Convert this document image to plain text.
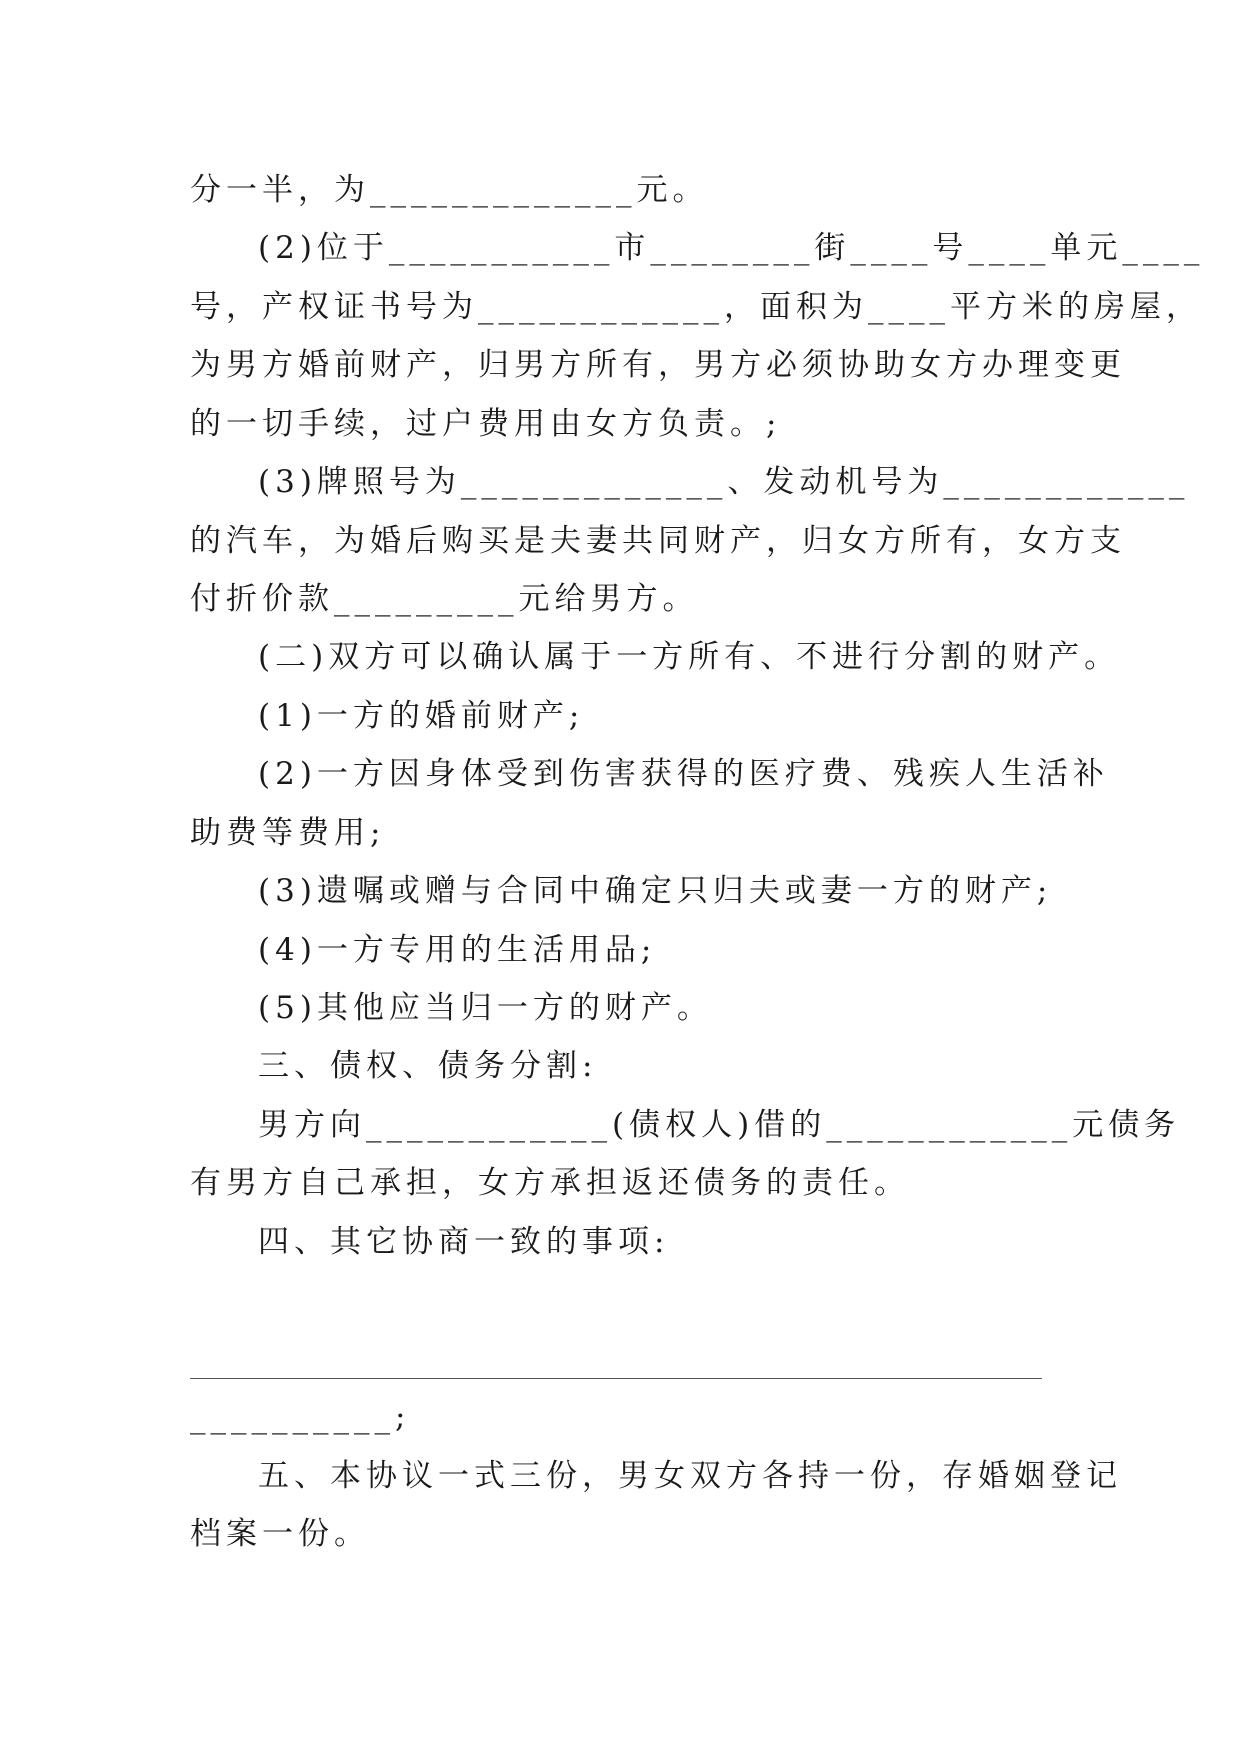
分一半，为_____________元。
(2)位于___________市________街____号____单元____
号，产权证书号为____________，面积为____平方米的房屋，
为男方婚前财产，归男方所有，男方必须协助女方办理变更
的一切手续，过户费用由女方负责。;
(3)牌照号为_____________、发动机号为____________
的汽车，为婚后购买是夫妻共同财产，归女方所有，女方支
付折价款_________元给男方。
(二)双方可以确认属于一方所有、不进行分割的财产。
(1)一方的婚前财产;
(2)一方因身体受到伤害获得的医疗费、残疾人生活补
助费等费用;
(3)遗嘱或赠与合同中确定只归夫或妻一方的财产;
(4)一方专用的生活用品;
(5)其他应当归一方的财产。
三、债权、债务分割:
男方向____________(债权人)借的____________元债务
有男方自己承担，女方承担返还债务的责任。
四、其它协商一致的事项:
__________;
五、本协议一式三份，男女双方各持一份，存婚姻登记
档案一份。
